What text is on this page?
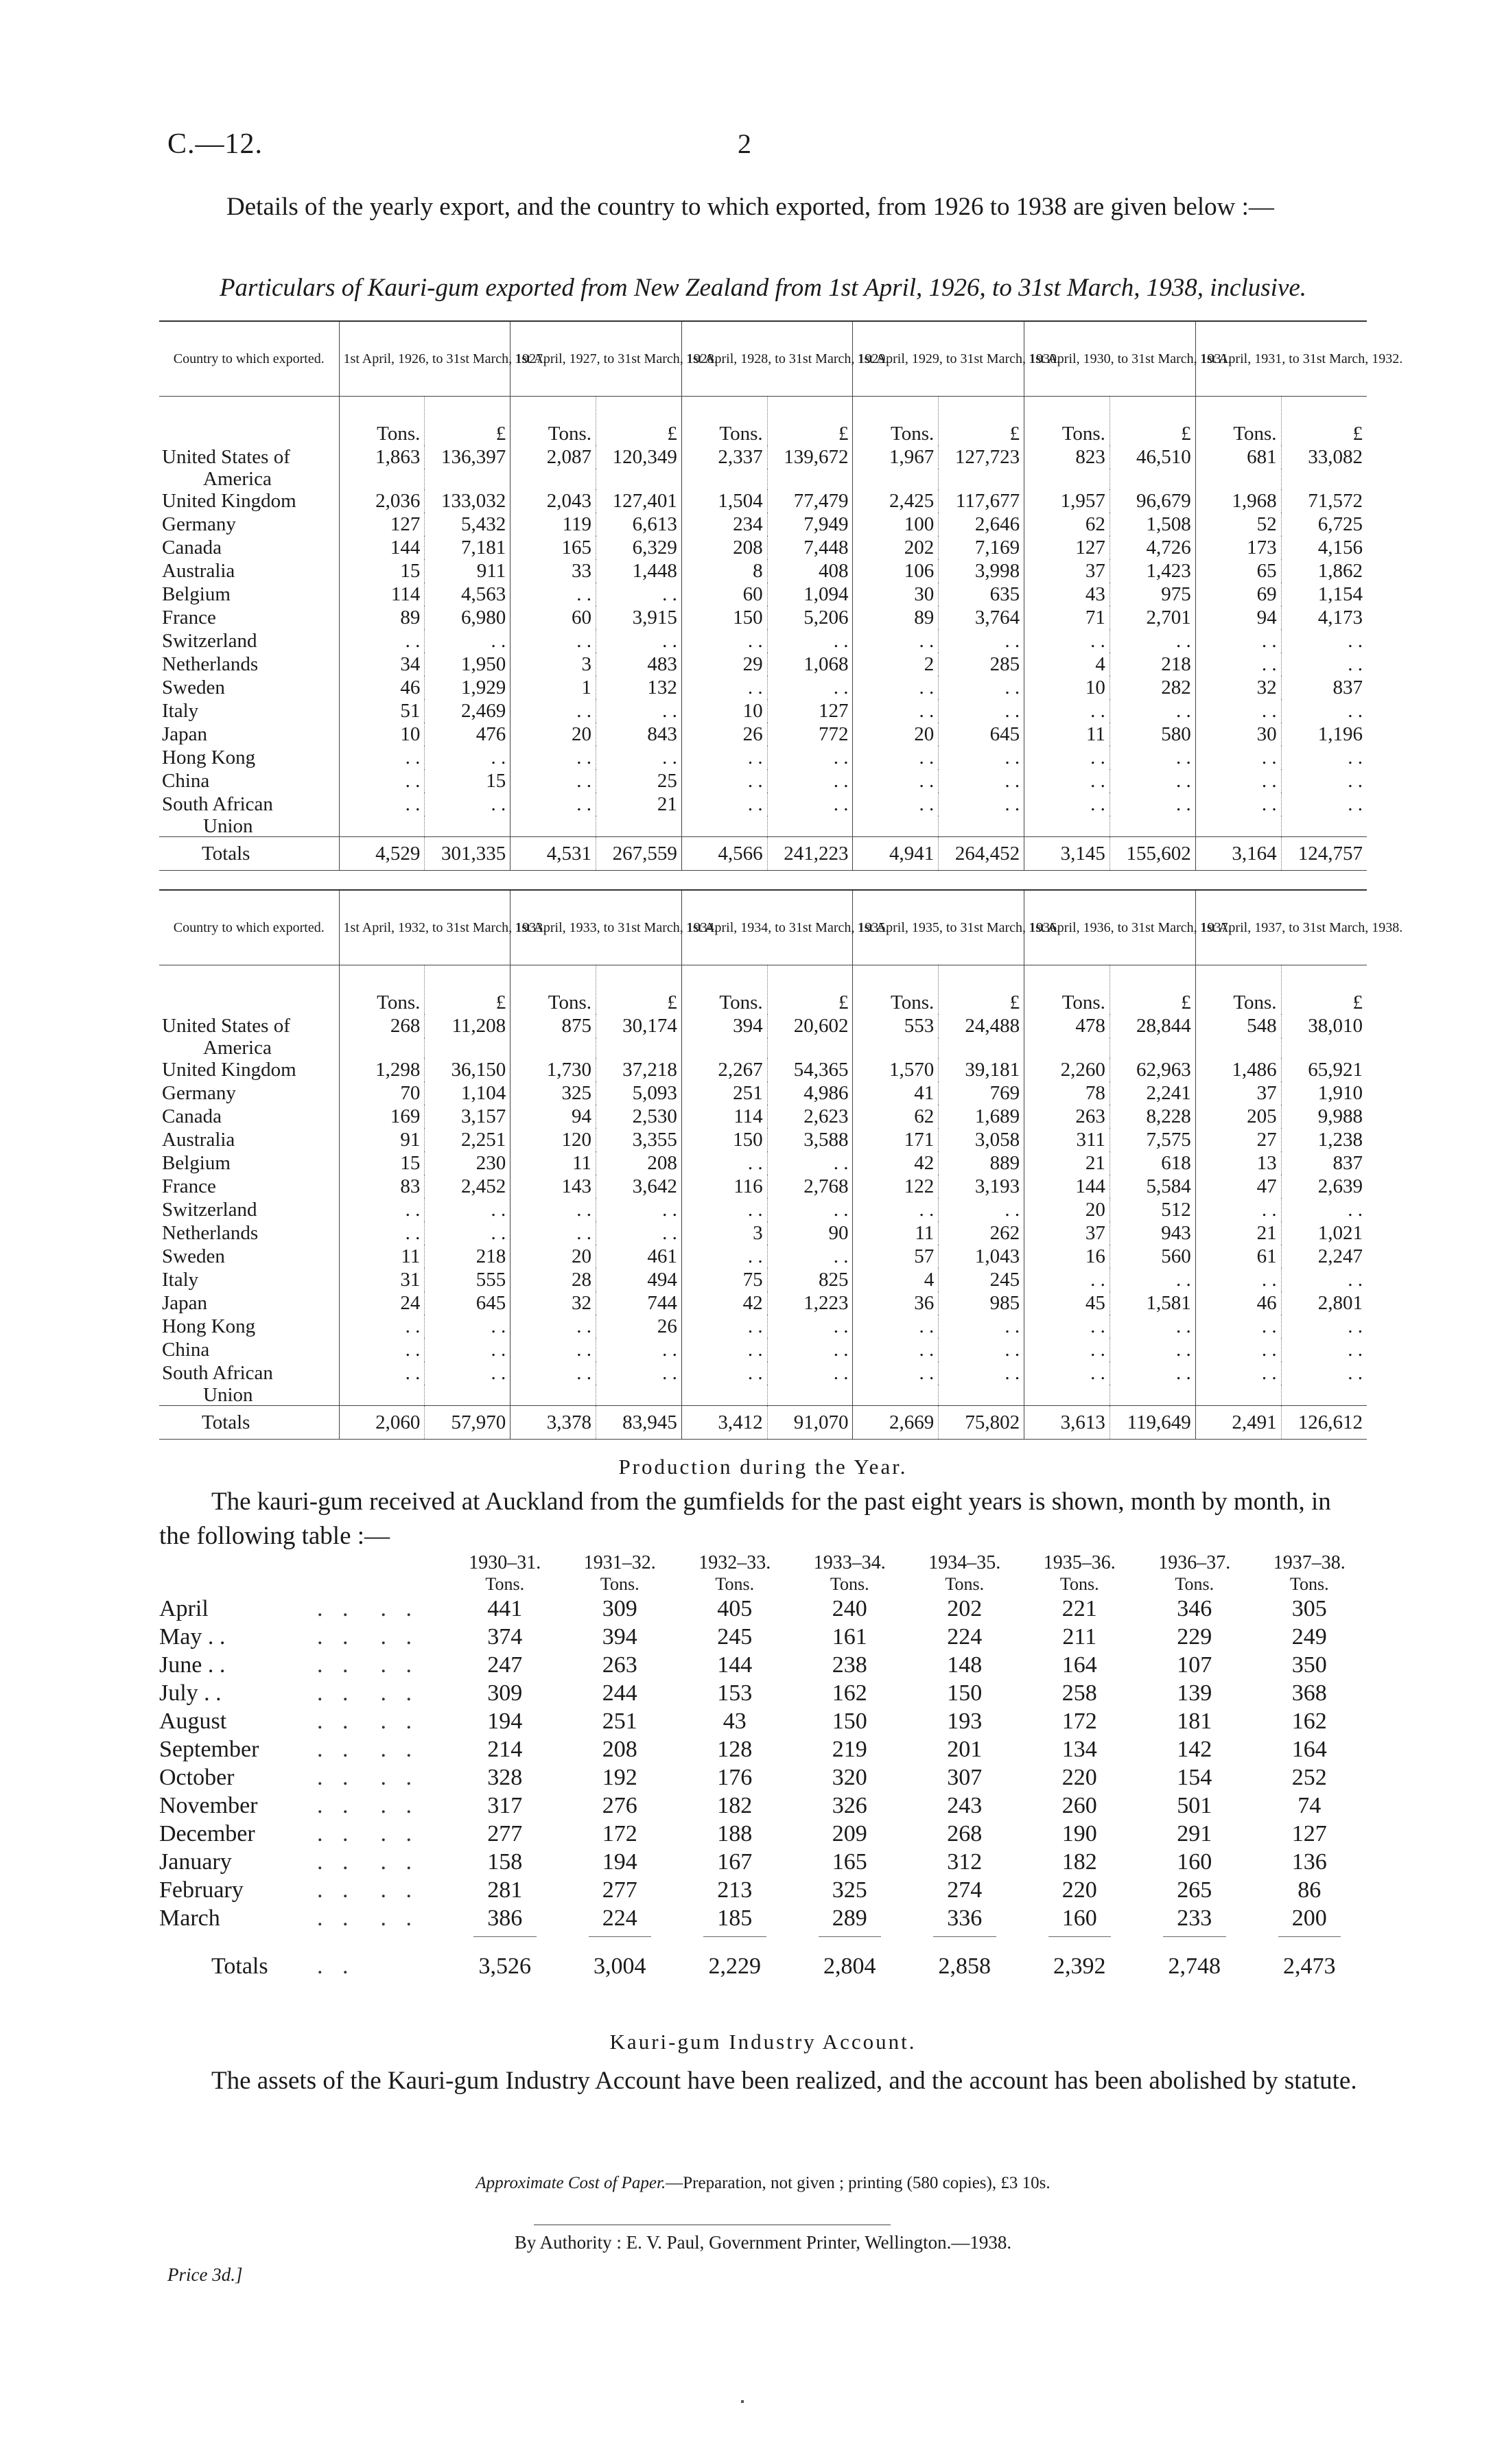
C.—12.	2
Details of the yearly export, and the country to which exported, from 1926 to 1938 are given below :—
Particulars of Kauri-gum exported from New Zealand from 1st April, 1926, to 31st March, 1938, inclusive.
Country to which exported.	1st April, 1926, to 31st March, 1927.		1st April, 1927, to 31st March, 1928.		1st April, 1928, to 31st March, 1929.		1st April, 1929, to 31st March, 1930.		1st April, 1930, to 31st March, 1931.		1st April, 1931, to 31st March, 1932.	
	Tons.	£	Tons.	£	Tons.	£	Tons.	£	Tons.	£	Tons.	£
United States of	1,863	136,397	2,087	120,349	2,337	139,672	1,967	127,723	823	46,510	681	33,082
America												
United Kingdom	2,036	133,032	2,043	127,401	1,504	77,479	2,425	117,677	1,957	96,679	1,968	71,572
Germany	127	5,432	119	6,613	234	7,949	100	2,646	62	1,508	52	6,725
Canada	144	7,181	165	6,329	208	7,448	202	7,169	127	4,726	173	4,156
Australia	15	911	33	1,448	8	408	106	3,998	37	1,423	65	1,862
Belgium	114	4,563	. .	. .	60	1,094	30	635	43	975	69	1,154
France	89	6,980	60	3,915	150	5,206	89	3,764	71	2,701	94	4,173
Switzerland	. .	. .	. .	. .	. .	. .	. .	. .	. .	. .	. .	. .
Netherlands	34	1,950	3	483	29	1,068	2	285	4	218	. .	. .
Sweden	46	1,929	1	132	. .	. .	. .	. .	10	282	32	837
Italy	51	2,469	. .	. .	10	127	. .	. .	. .	. .	. .	. .
Japan	10	476	20	843	26	772	20	645	11	580	30	1,196
Hong Kong	. .	. .	. .	. .	. .	. .	. .	. .	. .	. .	. .	. .
China	. .	15	. .	25	. .	. .	. .	. .	. .	. .	. .	. .
South African	. .	. .	. .	21	. .	. .	. .	. .	. .	. .	. .	. .
Union												
Totals	4,529	301,335	4,531	267,559	4,566	241,223	4,941	264,452	3,145	155,602	3,164	124,757
Country to which exported.	1st April, 1932, to 31st March, 1933.		1st April, 1933, to 31st March, 1934.		1st April, 1934, to 31st March, 1935.		1st April, 1935, to 31st March, 1936.		1st April, 1936, to 31st March, 1937.		1st April, 1937, to 31st March, 1938.	
	Tons.	£	Tons.	£	Tons.	£	Tons.	£	Tons.	£	Tons.	£
United States of	268	11,208	875	30,174	394	20,602	553	24,488	478	28,844	548	38,010
America												
United Kingdom	1,298	36,150	1,730	37,218	2,267	54,365	1,570	39,181	2,260	62,963	1,486	65,921
Germany	70	1,104	325	5,093	251	4,986	41	769	78	2,241	37	1,910
Canada	169	3,157	94	2,530	114	2,623	62	1,689	263	8,228	205	9,988
Australia	91	2,251	120	3,355	150	3,588	171	3,058	311	7,575	27	1,238
Belgium	15	230	11	208	. .	. .	42	889	21	618	13	837
France	83	2,452	143	3,642	116	2,768	122	3,193	144	5,584	47	2,639
Switzerland	. .	. .	. .	. .	. .	. .	. .	. .	20	512	. .	. .
Netherlands	. .	. .	. .	. .	3	90	11	262	37	943	21	1,021
Sweden	11	218	20	461	. .	. .	57	1,043	16	560	61	2,247
Italy	31	555	28	494	75	825	4	245	. .	. .	. .	. .
Japan	24	645	32	744	42	1,223	36	985	45	1,581	46	2,801
Hong Kong	. .	. .	. .	26	. .	. .	. .	. .	. .	. .	. .	. .
China	. .	. .	. .	. .	. .	. .	. .	. .	. .	. .	. .	. .
South African	. .	. .	. .	. .	. .	. .	. .	. .	. .	. .	. .	. .
Union												
Totals	2,060	57,970	3,378	83,945	3,412	91,070	2,669	75,802	3,613	119,649	2,491	126,612
Production during the Year.
The kauri-gum received at Auckland from the gumfields for the past eight years is shown, month by month, in the following table :—
		1930–31.	1931–32.	1932–33.	1933–34.	1934–35.	1935–36.	1936–37.	1937–38.
		Tons.	Tons.	Tons.	Tons.	Tons.	Tons.	Tons.	Tons.
April	. .  . .	441	309	405	240	202	221	346	305
May . .	. .  . .	374	394	245	161	224	211	229	249
June . .	. .  . .	247	263	144	238	148	164	107	350
July . .	. .  . .	309	244	153	162	150	258	139	368
August	. .  . .	194	251	43	150	193	172	181	162
September	. .  . .	214	208	128	219	201	134	142	164
October	. .  . .	328	192	176	320	307	220	154	252
November	. .  . .	317	276	182	326	243	260	501	74
December	. .  . .	277	172	188	209	268	190	291	127
January	. .  . .	158	194	167	165	312	182	160	136
February	. .  . .	281	277	213	325	274	220	265	86
March	. .  . .	386	224	185	289	336	160	233	200

Totals	. .	3,526	3,004	2,229	2,804	2,858	2,392	2,748	2,473
Kauri-gum Industry Account.
The assets of the Kauri-gum Industry Account have been realized, and the account has been abolished by statute.
Approximate Cost of Paper.—Preparation, not given ; printing (580 copies), £3 10s.
By Authority : E. V. Paul, Government Printer, Wellington.—1938.
Price 3d.]
